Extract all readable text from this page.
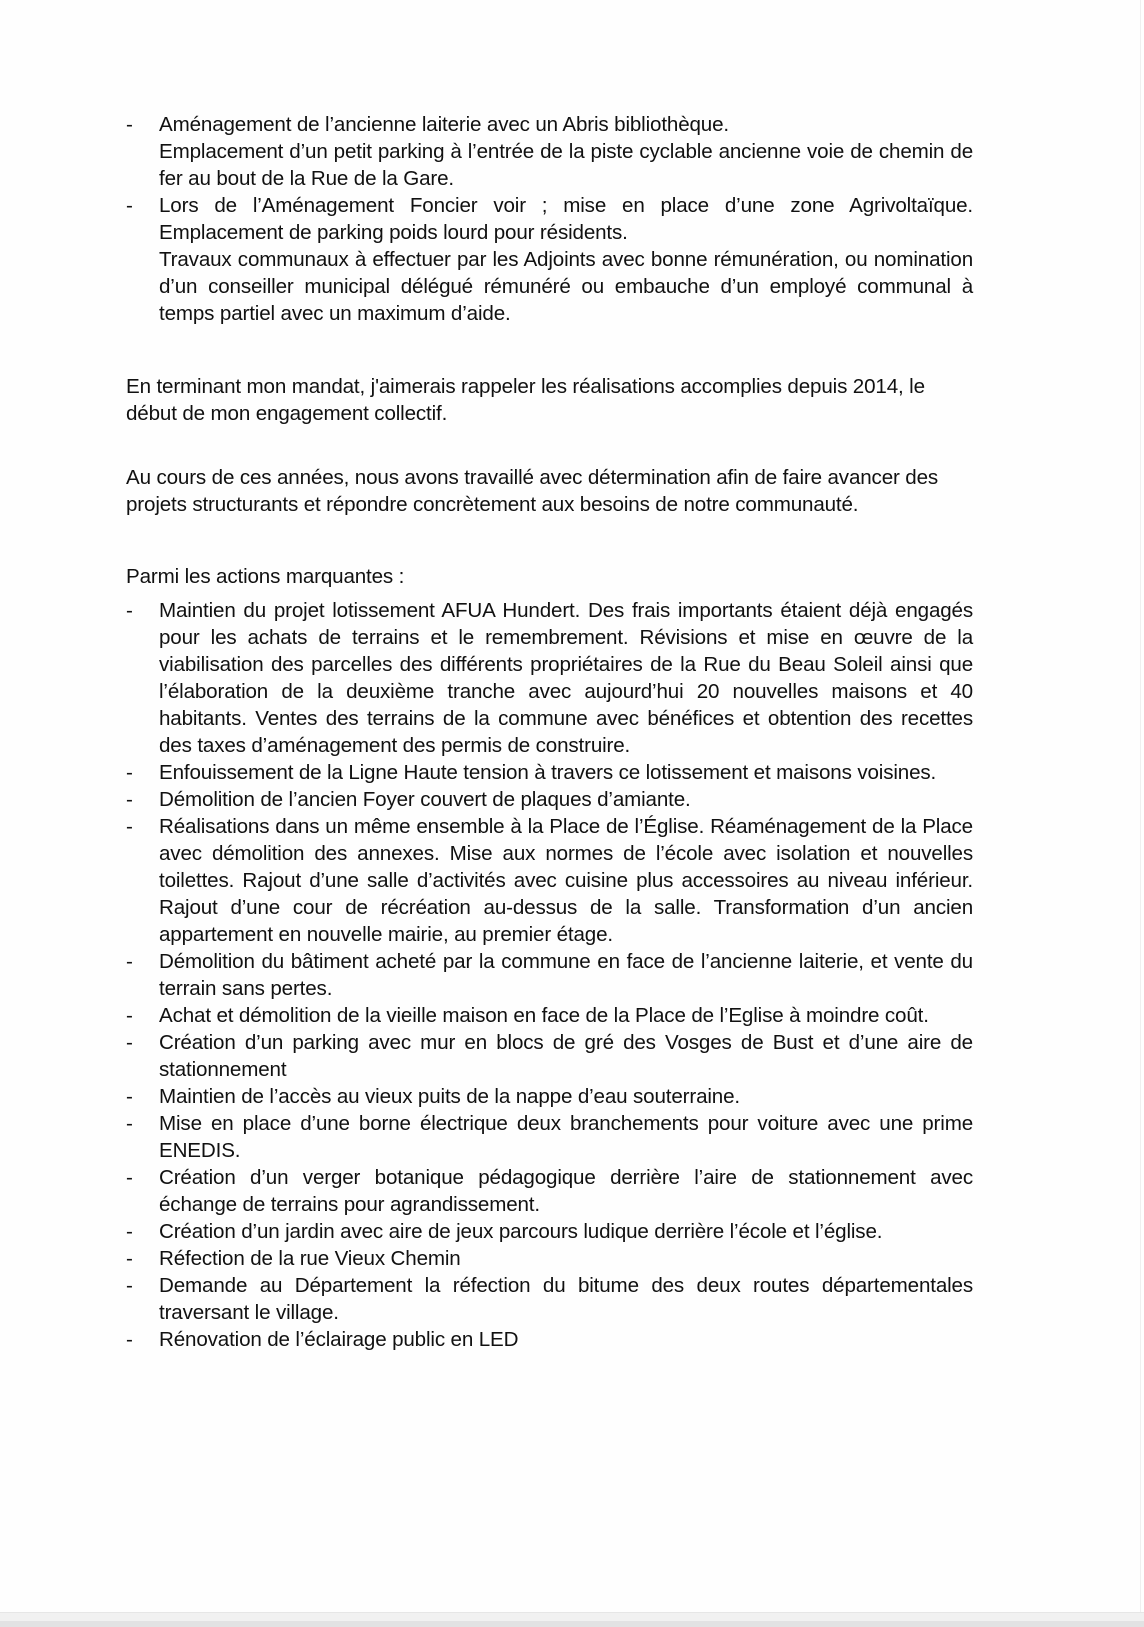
- Aménagement de l’ancienne laiterie avec un Abris bibliothèque.

Emplacement d’un petit parking à l’entrée de la piste cyclable ancienne voie de chemin de fer au bout de la Rue de la Gare.

- Lors de l’Aménagement Foncier voir ; mise en place d’une zone Agrivoltaïque. Emplacement de parking poids lourd pour résidents.

Travaux communaux à effectuer par les Adjoints avec bonne rémunération, ou nomination d’un conseiller municipal délégué rémunéré ou embauche d’un employé communal à temps partiel avec un maximum d’aide.

En terminant mon mandat, j'aimerais rappeler les réalisations accomplies depuis 2014, le début de mon engagement collectif.

Au cours de ces années, nous avons travaillé avec détermination afin de faire avancer des projets structurants et répondre concrètement aux besoins de notre communauté.

Parmi les actions marquantes :

- Maintien du projet lotissement AFUA Hundert. Des frais importants étaient déjà engagés pour les achats de terrains et le remembrement. Révisions et mise en œuvre de la viabilisation des parcelles des différents propriétaires de la Rue du Beau Soleil ainsi que l’élaboration de la deuxième tranche avec aujourd’hui 20 nouvelles maisons et 40 habitants. Ventes des terrains de la commune avec bénéfices et obtention des recettes des taxes d’aménagement des permis de construire.

- Enfouissement de la Ligne Haute tension à travers ce lotissement et maisons voisines.

- Démolition de l’ancien Foyer couvert de plaques d’amiante.

- Réalisations dans un même ensemble à la Place de l’Église. Réaménagement de la Place avec démolition des annexes. Mise aux normes de l’école avec isolation et nouvelles toilettes. Rajout d’une salle d’activités avec cuisine plus accessoires au niveau inférieur. Rajout d’une cour de récréation au-dessus de la salle. Transformation d’un ancien appartement en nouvelle mairie, au premier étage.

- Démolition du bâtiment acheté par la commune en face de l’ancienne laiterie, et vente du terrain sans pertes.

- Achat et démolition de la vieille maison en face de la Place de l’Eglise à moindre coût.

- Création d’un parking avec mur en blocs de gré des Vosges de Bust et d’une aire de stationnement

- Maintien de l’accès au vieux puits de la nappe d’eau souterraine.

- Mise en place d’une borne électrique deux branchements pour voiture avec une prime ENEDIS.

- Création d’un verger botanique pédagogique derrière l’aire de stationnement avec échange de terrains pour agrandissement.

- Création d’un jardin avec aire de jeux parcours ludique derrière l’école et l’église.

- Réfection de la rue Vieux Chemin

- Demande au Département la réfection du bitume des deux routes départementales traversant le village.

- Rénovation de l’éclairage public en LED
